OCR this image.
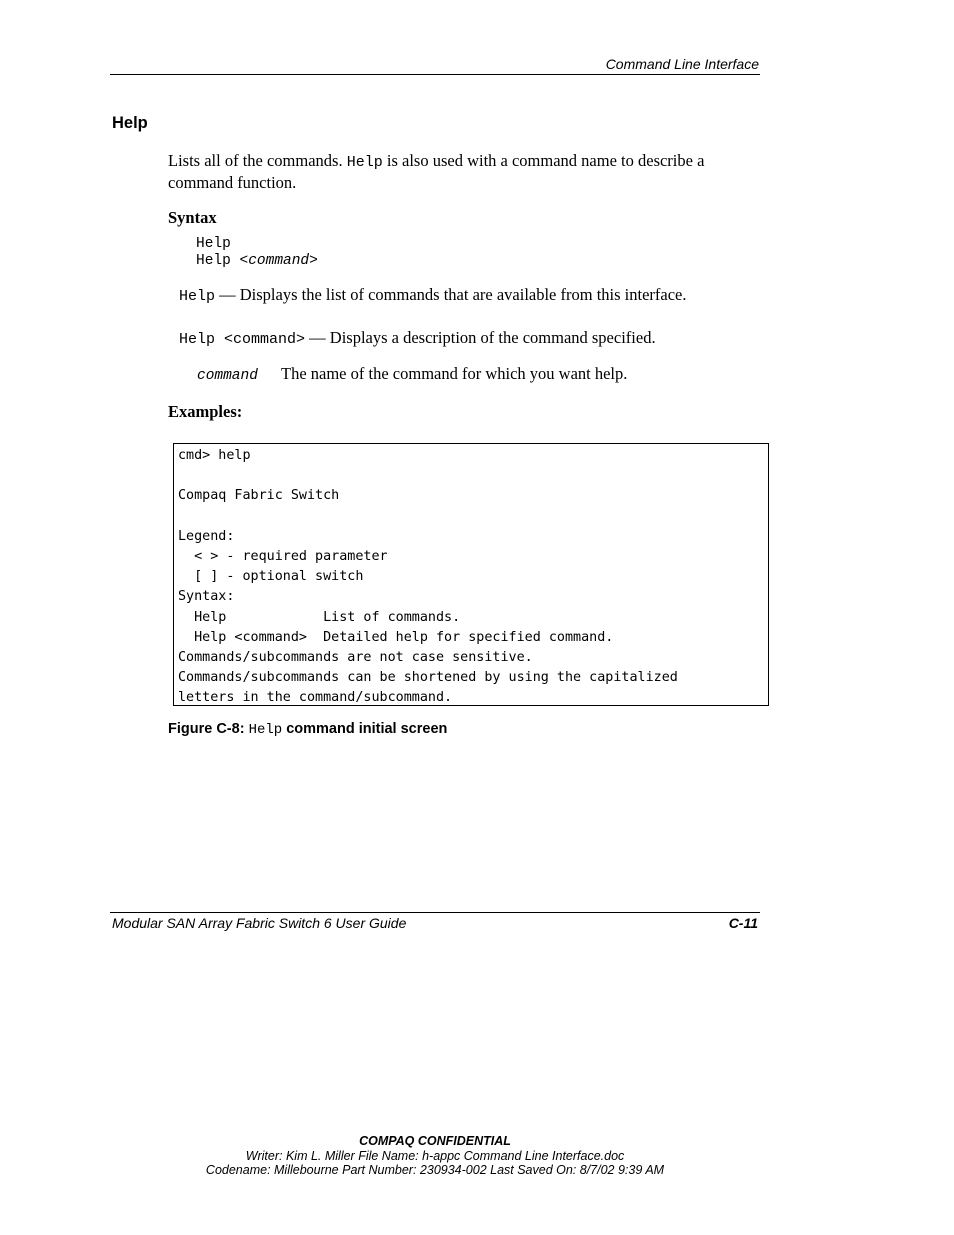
Command Line Interface
Help
Lists all of the commands. Help is also used with a command name to describe a command function.
Syntax
Help
Help <command>
Help — Displays the list of commands that are available from this interface.
Help <command> — Displays a description of the command specified.
command The name of the command for which you want help.
Examples:
cmd> help

Compaq Fabric Switch

Legend:
< > - required parameter
[ ] - optional switch
Syntax:
Help            List of commands.
Help <command>  Detailed help for specified command.
Commands/subcommands are not case sensitive.
Commands/subcommands can be shortened by using the capitalized
letters in the command/subcommand.
Figure C-8: Help command initial screen
Modular SAN Array Fabric Switch 6 User Guide	C-11
COMPAQ CONFIDENTIAL
Writer: Kim L. Miller File Name: h-appc Command Line Interface.doc
Codename: Millebourne Part Number: 230934-002 Last Saved On: 8/7/02 9:39 AM
